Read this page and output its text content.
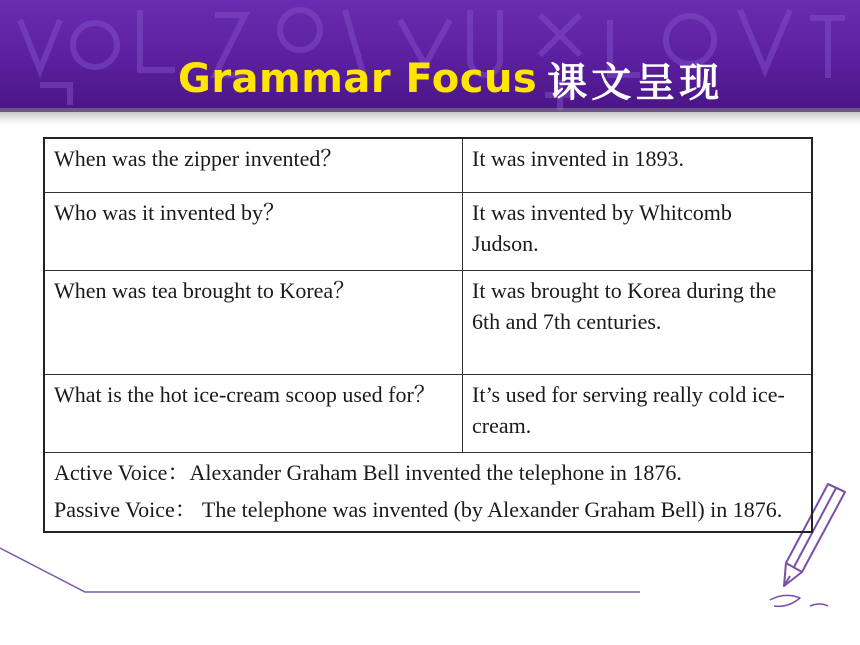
Grammar Focus 课文呈现
When was the zipper invented？	It was invented in 1893.
Who was it invented by？	It was invented by Whitcomb Judson.
When was tea brought to Korea？	It was brought to Korea during the 6th and 7th centuries.
What is the hot ice-cream scoop used for？	It’s used for serving really cold ice-cream.

Active Voice：Alexander Graham Bell invented the telephone in 1876.

Passive Voice： The telephone was invented (by Alexander Graham Bell) in 1876.	
